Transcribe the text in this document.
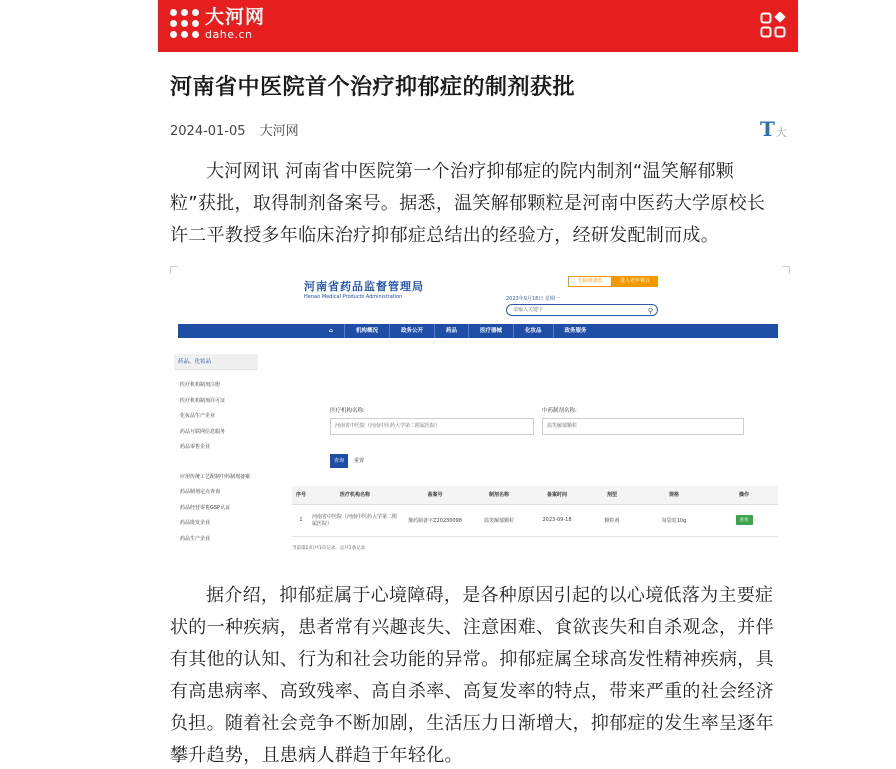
大河网
dahe.cn
河南省中医院首个治疗抑郁症的制剂获批
2024-01-05 大河网	T大

大河网讯 河南省中医院第一个治疗抑郁症的院内制剂“温笑解郁颗粒”获批，取得制剂备案号。据悉，温笑解郁颗粒是河南中医药大学原校长许二平教授多年临床治疗抑郁症总结出的经验方，经研发配制而成。

河南省药品监督管理局
Henan Medical Products Administration
无障碍浏览	进入老年模式
2023年9月18日 星期一
请输入关键字	⚲
⌂	机构概况	政务公开	药品	医疗器械	化妆品	政务服务
药品、化妆品
医疗机构制剂注册
医疗机构制剂许可证
化妆品生产企业
药品互联网信息服务
药品零售企业
应用传统工艺配制中药制剂备案
药品制剂定点查询
药品经营零售GSP认证
药品批发企业
药品生产企业
医疗机构名称:
河南省中医院（河南中医药大学第二附属医院）
中药制剂名称:
温笑解郁颗粒
查询	重置
序号	医疗机构名称	备案号	制剂名称	备案时间	剂型	规格	操作
1	河南省中医院（河南中医药大学第二附属医院）	豫药制备字Z20230098	温笑解郁颗粒	2023-09-18	颗粒剂	每袋装10g	查看
当前第1页/共1页记录，总共1条记录

据介绍，抑郁症属于心境障碍，是各种原因引起的以心境低落为主要症状的一种疾病，患者常有兴趣丧失、注意困难、食欲丧失和自杀观念，并伴有其他的认知、行为和社会功能的异常。抑郁症属全球高发性精神疾病，具有高患病率、高致残率、高自杀率、高复发率的特点，带来严重的社会经济负担。随着社会竞争不断加剧，生活压力日渐增大，抑郁症的发生率呈逐年攀升趋势，且患病人群趋于年轻化。
